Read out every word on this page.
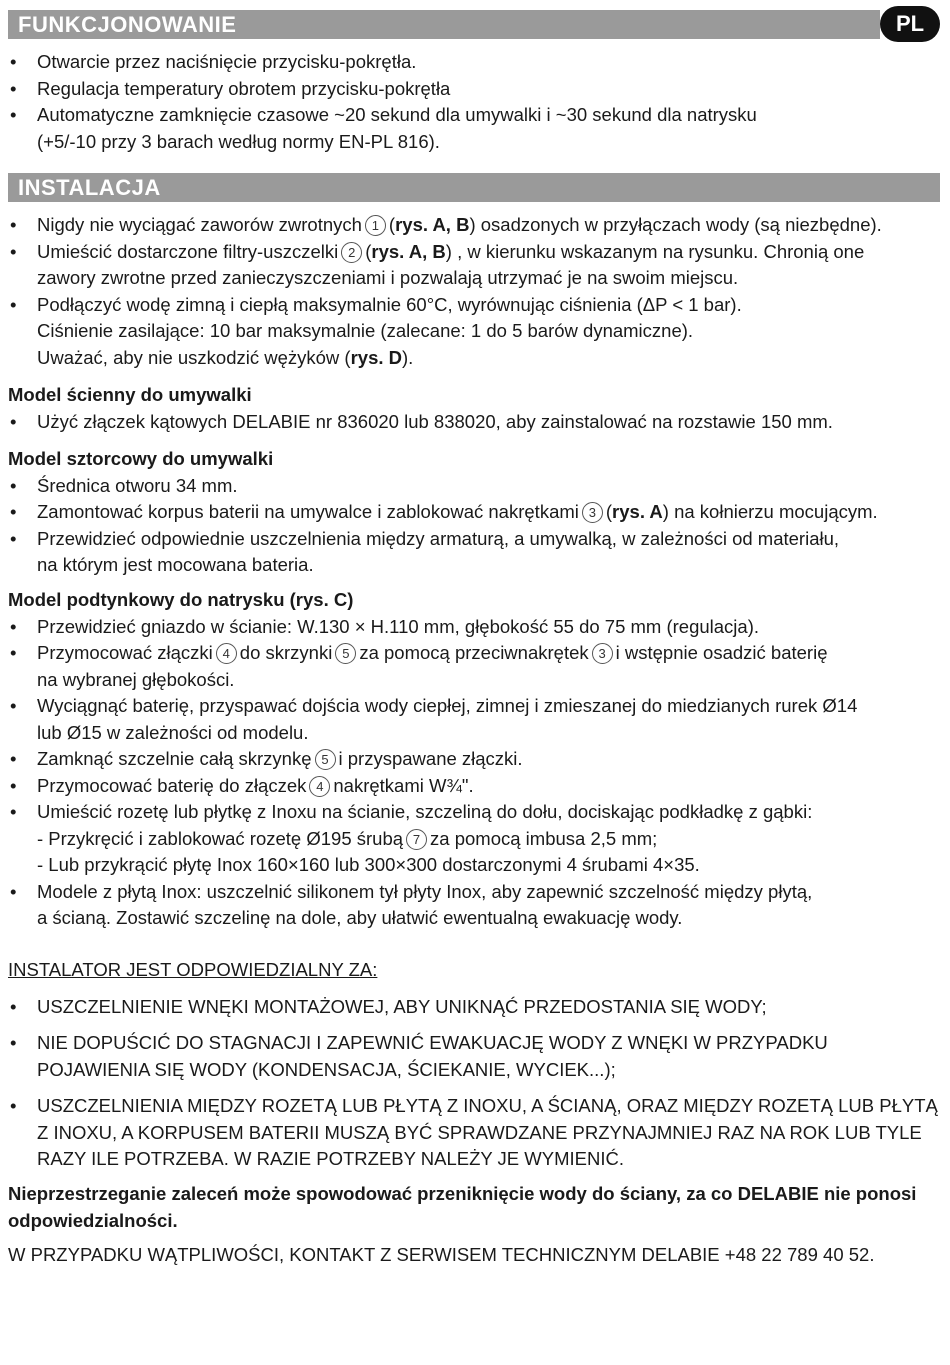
FUNKCJONOWANIE	PL
• Otwarcie przez naciśnięcie przycisku-pokrętła.
• Regulacja temperatury obrotem przycisku-pokrętła
• Automatyczne zamknięcie czasowe ~20 sekund dla umywalki i ~30 sekund dla natrysku
(+5/-10 przy 3 barach według normy EN-PL 816).
INSTALACJA
• Nigdy nie wyciągać zaworów zwrotnych 1 (rys. A, B) osadzonych w przyłączach wody (są niezbędne).
• Umieścić dostarczone filtry-uszczelki 2 (rys. A, B) , w kierunku wskazanym na rysunku. Chronią one
zawory zwrotne przed zanieczyszczeniami i pozwalają utrzymać je na swoim miejscu.
• Podłączyć wodę zimną i ciepłą maksymalnie 60°C, wyrównując ciśnienia (ΔP < 1 bar).
Ciśnienie zasilające: 10 bar maksymalnie (zalecane: 1 do 5 barów dynamiczne).
Uważać, aby nie uszkodzić wężyków (rys. D).
Model ścienny do umywalki
• Użyć złączek kątowych DELABIE nr 836020 lub 838020, aby zainstalować na rozstawie 150 mm.
Model sztorcowy do umywalki
• Średnica otworu 34 mm.
• Zamontować korpus baterii na umywalce i zablokować nakrętkami 3 (rys. A) na kołnierzu mocującym.
• Przewidzieć odpowiednie uszczelnienia między armaturą, a umywalką, w zależności od materiału,
na którym jest mocowana bateria.
Model podtynkowy do natrysku (rys. C)
• Przewidzieć gniazdo w ścianie: W.130 × H.110 mm, głębokość 55 do 75 mm (regulacja).
• Przymocować złączki 4 do skrzynki 5 za pomocą przeciwnakrętek 3 i wstępnie osadzić baterię
na wybranej głębokości.
• Wyciągnąć baterię, przyspawać dojścia wody ciepłej, zimnej i zmieszanej do miedzianych rurek Ø14
lub Ø15 w zależności od modelu.
• Zamknąć szczelnie całą skrzynkę 5 i przyspawane złączki.
• Przymocować baterię do złączek 4 nakrętkami W¾".
• Umieścić rozetę lub płytkę z Inoxu na ścianie, szczeliną do dołu, dociskając podkładkę z gąbki:
- Przykręcić i zablokować rozetę Ø195 śrubą 7 za pomocą imbusa 2,5 mm;
- Lub przykrącić płytę Inox 160×160 lub 300×300 dostarczonymi 4 śrubami 4×35.
• Modele z płytą Inox: uszczelnić silikonem tył płyty Inox, aby zapewnić szczelność między płytą,
a ścianą. Zostawić szczelinę na dole, aby ułatwić ewentualną ewakuację wody.
INSTALATOR JEST ODPOWIEDZIALNY ZA:
• USZCZELNIENIE WNĘKI MONTAŻOWEJ, ABY UNIKNĄĆ PRZEDOSTANIA SIĘ WODY;
• NIE DOPUŚCIĆ DO STAGNACJI I ZAPEWNIĆ EWAKUACJĘ WODY Z WNĘKI W PRZYPADKU POJAWIENIA SIĘ WODY (KONDENSACJA, ŚCIEKANIE, WYCIEK...);
• USZCZELNIENIA MIĘDZY ROZETĄ LUB PŁYTĄ Z INOXU, A ŚCIANĄ, ORAZ MIĘDZY ROZETĄ LUB PŁYTĄ Z INOXU, A KORPUSEM BATERII MUSZĄ BYĆ SPRAWDZANE PRZYNAJMNIEJ RAZ NA ROK LUB TYLE RAZY ILE POTRZEBA. W RAZIE POTRZEBY NALEŻY JE WYMIENIĆ.
Nieprzestrzeganie zaleceń może spowodować przeniknięcie wody do ściany, za co DELABIE nie ponosi odpowiedzialności.
W PRZYPADKU WĄTPLIWOŚCI, KONTAKT Z SERWISEM TECHNICZNYM DELABIE +48 22 789 40 52.
